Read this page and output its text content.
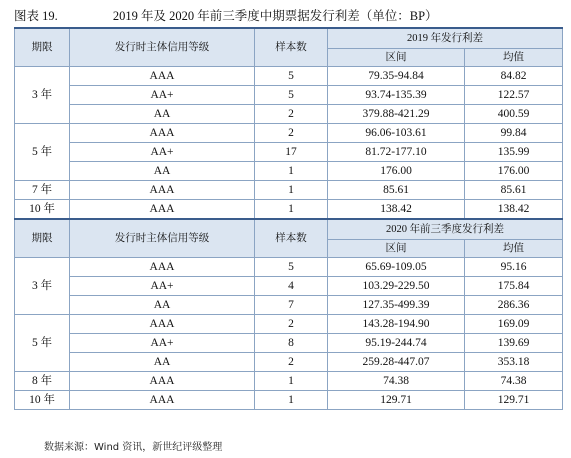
图表 19.	2019 年及 2020 年前三季度中期票据发行利差（单位：BP）
期限	发行时主体信用等级	样本数	2019 年发行利差	
			区间	均值
3 年	AAA	5	79.35-94.84	84.82
	AA+	5	93.74-135.39	122.57
	AA	2	379.88-421.29	400.59
5 年	AAA	2	96.06-103.61	99.84
	AA+	17	81.72-177.10	135.99
	AA	1	176.00	176.00
7 年	AAA	1	85.61	85.61
10 年	AAA	1	138.42	138.42
期限	发行时主体信用等级	样本数	2020 年前三季度发行利差	
			区间	均值
3 年	AAA	5	65.69-109.05	95.16
	AA+	4	103.29-229.50	175.84
	AA	7	127.35-499.39	286.36
5 年	AAA	2	143.28-194.90	169.09
	AA+	8	95.19-244.74	139.69
	AA	2	259.28-447.07	353.18
8 年	AAA	1	74.38	74.38
10 年	AAA	1	129.71	129.71
数据来源：Wind 资讯，新世纪评级整理
